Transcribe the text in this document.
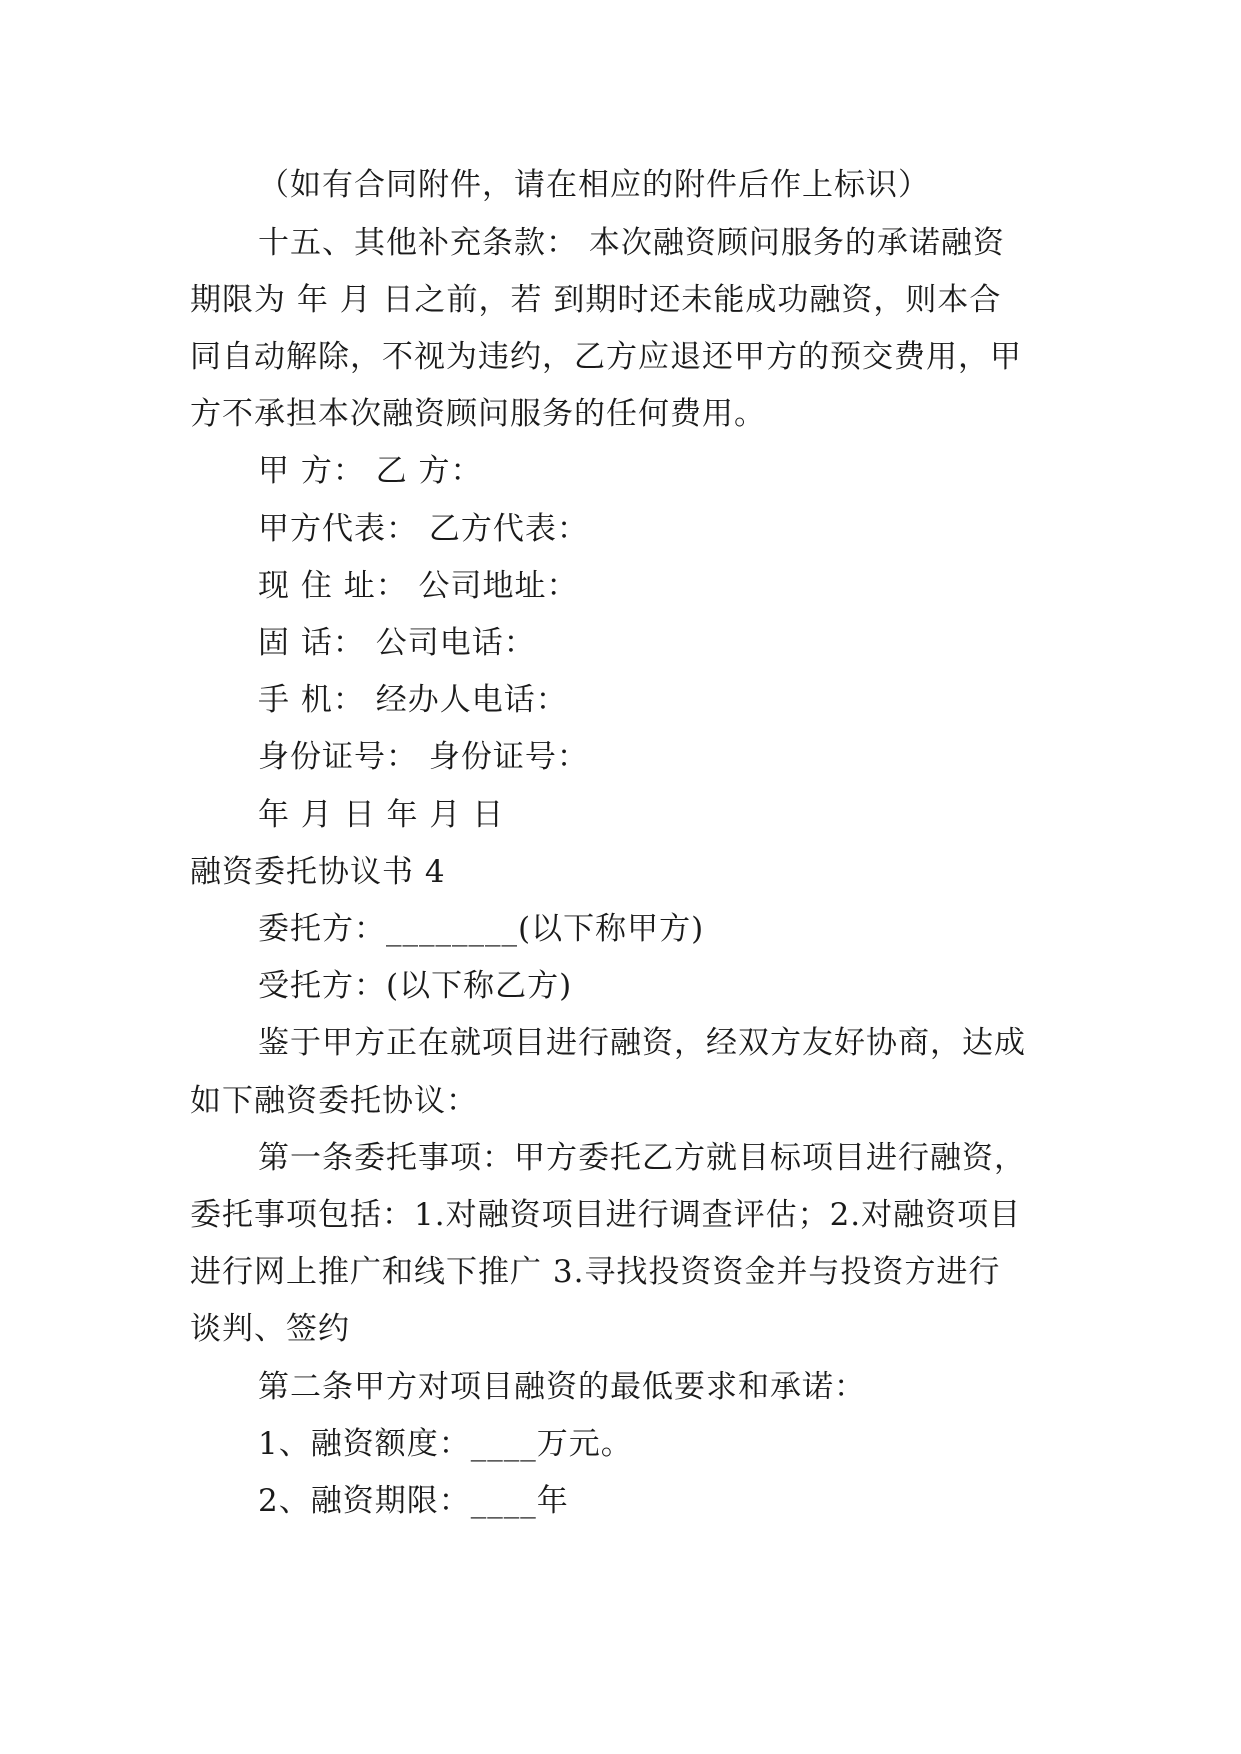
（如有合同附件，请在相应的附件后作上标识）
十五、其他补充条款： 本次融资顾问服务的承诺融资
期限为 年 月 日之前，若 到期时还未能成功融资，则本合
同自动解除，不视为违约，乙方应退还甲方的预交费用，甲
方不承担本次融资顾问服务的任何费用。
甲 方： 乙 方：
甲方代表： 乙方代表：
现 住 址： 公司地址：
固 话： 公司电话：
手 机： 经办人电话：
身份证号： 身份证号：
年 月 日 年 月 日
融资委托协议书 4
委托方：________(以下称甲方)
受托方：(以下称乙方)
鉴于甲方正在就项目进行融资，经双方友好协商，达成
如下融资委托协议：
第一条委托事项：甲方委托乙方就目标项目进行融资，
委托事项包括：1.对融资项目进行调查评估；2.对融资项目
进行网上推广和线下推广 3.寻找投资资金并与投资方进行
谈判、签约
第二条甲方对项目融资的最低要求和承诺：
1、融资额度：____万元。
2、融资期限：____年
